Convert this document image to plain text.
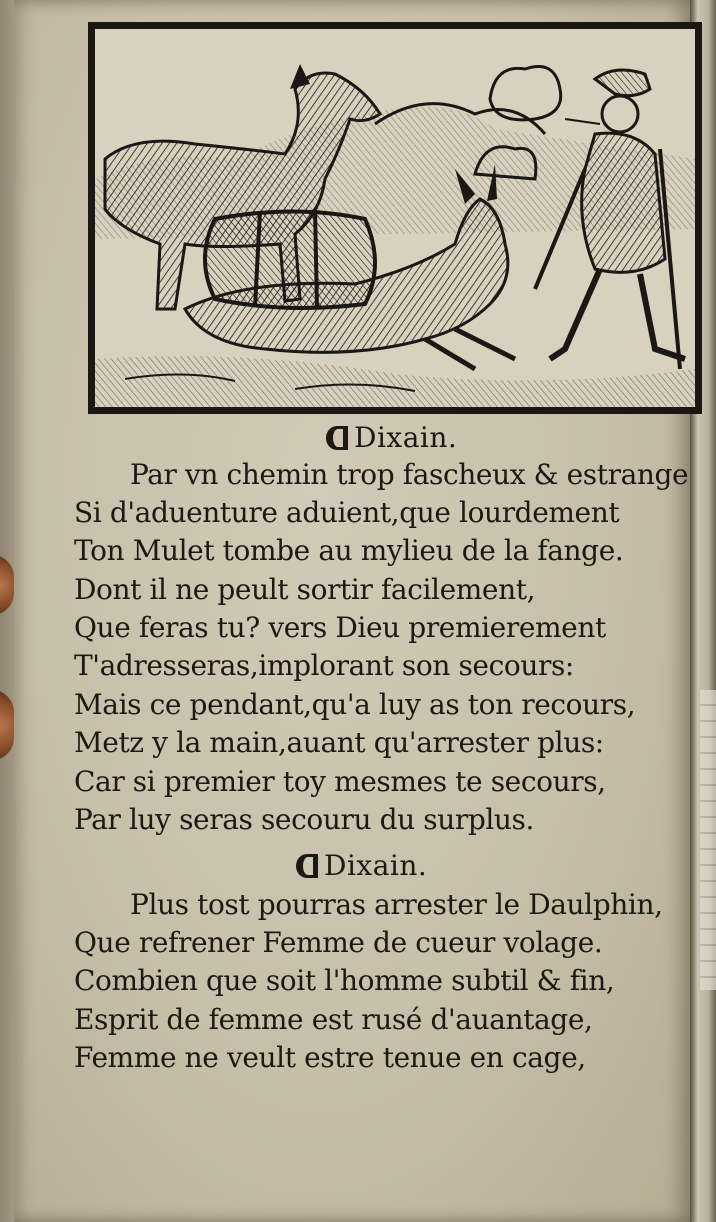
Dixain.
Par vn chemin trop fascheux & estrange
Si d'aduenture aduient,que lourdement
Ton Mulet tombe au mylieu de la fange.
Dont il ne peult sortir facilement,
Que feras tu? vers Dieu premierement
T'adresseras,implorant son secours:
Mais ce pendant,qu'a luy as ton recours,
Metz y la main,auant qu'arrester plus:
Car si premier toy mesmes te secours,
Par luy seras secouru du surplus.
Dixain.
Plus tost pourras arrester le Daulphin,
Que refrener Femme de cueur volage.
Combien que soit l'homme subtil & fin,
Esprit de femme est rusé d'auantage,
Femme ne veult estre tenue en cage,
